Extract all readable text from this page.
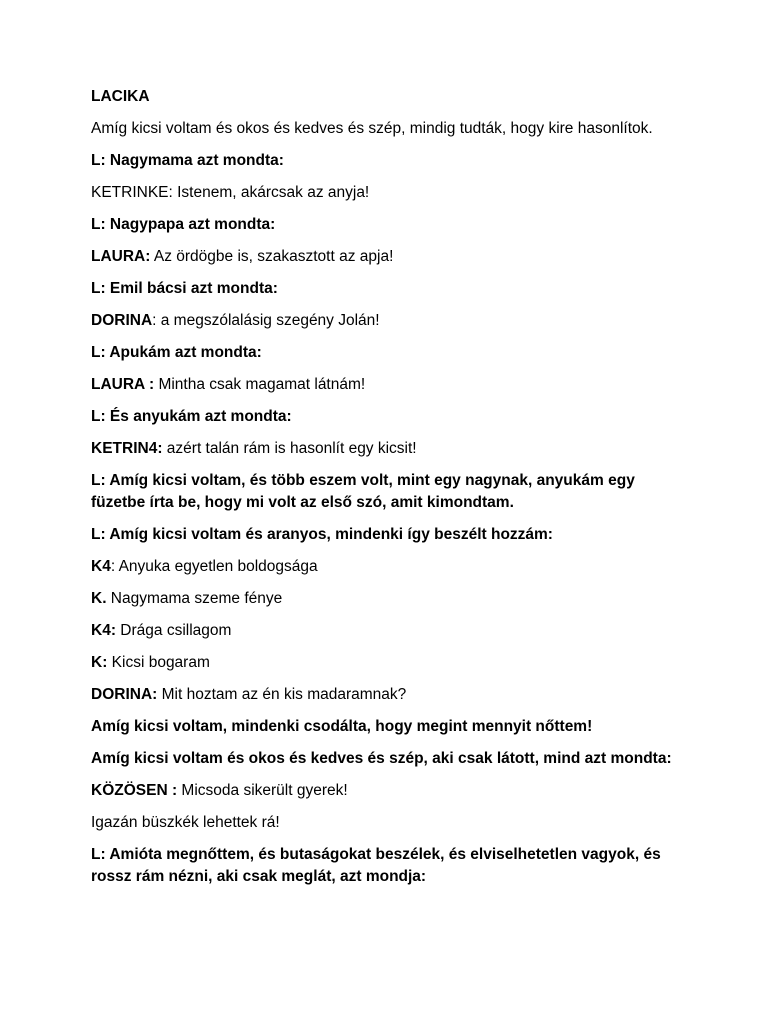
LACIKA

Amíg kicsi voltam és okos és kedves és szép, mindig tudták, hogy kire hasonlítok.

L: Nagymama azt mondta:

KETRINKE: Istenem, akárcsak az anyja!

L: Nagypapa azt mondta:

LAURA: Az ördögbe is, szakasztott az apja!

L: Emil bácsi azt mondta:

DORINA: a megszólalásig szegény Jolán!

L: Apukám azt mondta:

LAURA : Mintha csak magamat látnám!

L: És anyukám azt mondta:

KETRIN4: azért talán rám is hasonlít egy kicsit!

L: Amíg kicsi voltam, és több eszem volt, mint egy nagynak, anyukám egy füzetbe írta be, hogy mi volt az első szó, amit kimondtam.

L: Amíg kicsi voltam és aranyos, mindenki így beszélt hozzám:

K4: Anyuka egyetlen boldogsága

K. Nagymama szeme fénye

K4: Drága csillagom

K: Kicsi bogaram

DORINA: Mit hoztam az én kis madaramnak?

Amíg kicsi voltam, mindenki csodálta, hogy megint mennyit nőttem!

Amíg kicsi voltam és okos és kedves és szép, aki csak látott, mind azt mondta:

KÖZÖSEN : Micsoda sikerült gyerek!

Igazán büszkék lehettek rá!

L: Amióta megnőttem, és butaságokat beszélek, és elviselhetetlen vagyok, és rossz rám nézni, aki csak meglát, azt mondja:
